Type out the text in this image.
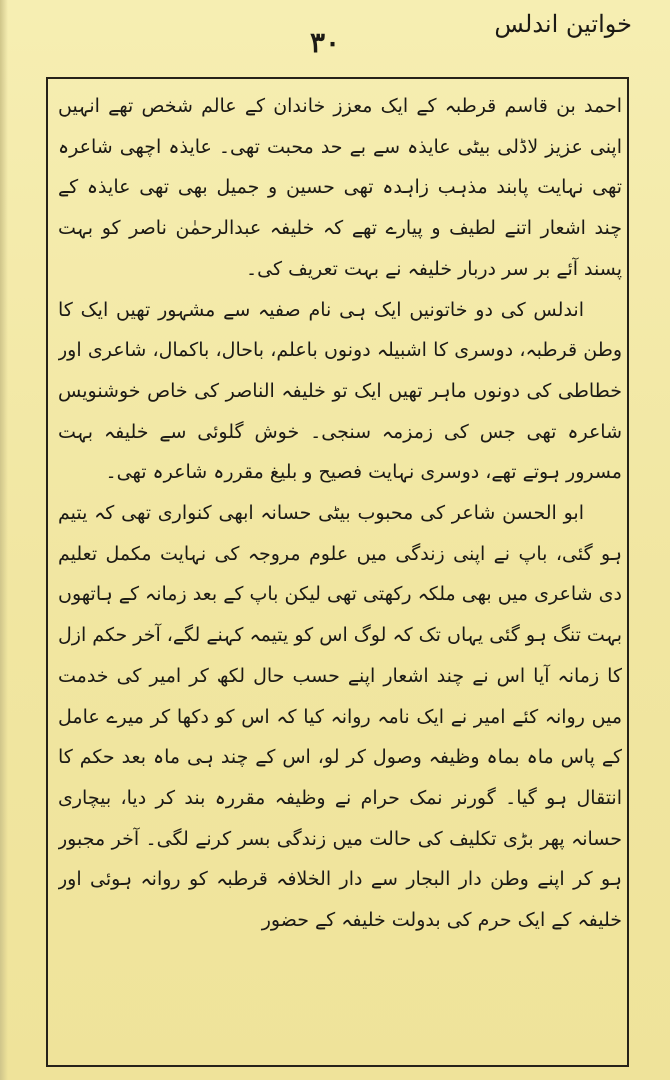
خواتین اندلس
٣٠

احمد بن قاسم قرطبہ کے ایک معزز خاندان کے عالم شخص تھے انہیں اپنی عزیز لاڈلی بیٹی عایذہ سے بے حد محبت تھی۔ عایذہ اچھی شاعرہ تھی نہایت پابند مذہب زاہدہ تھی حسین و جمیل بھی تھی عایذہ کے چند اشعار اتنے لطیف و پیارے تھے کہ خلیفہ عبدالرحمٰن ناصر کو بہت پسند آئے بر سر دربار خلیفہ نے بہت تعریف کی۔

اندلس کی دو خاتونیں ایک ہی نام صفیہ سے مشہور تھیں ایک کا وطن قرطبہ، دوسری کا اشبیلہ دونوں باعلم، باحال، باکمال، شاعری اور خطاطی کی دونوں ماہر تھیں ایک تو خلیفہ الناصر کی خاص خوشنویس شاعرہ تھی جس کی زمزمہ سنجی۔ خوش گلوئی سے خلیفہ بہت مسرور ہوتے تھے، دوسری نہایت فصیح و بلیغ مقررہ شاعرہ تھی۔

ابو الحسن شاعر کی محبوب بیٹی حسانہ ابھی کنواری تھی کہ یتیم ہو گئی، باپ نے اپنی زندگی میں علوم مروجہ کی نہایت مکمل تعلیم دی شاعری میں بھی ملکہ رکھتی تھی لیکن باپ کے بعد زمانہ کے ہاتھوں بہت تنگ ہو گئی یہاں تک کہ لوگ اس کو یتیمہ کہنے لگے، آخر حکم ازل کا زمانہ آیا اس نے چند اشعار اپنے حسب حال لکھ کر امیر کی خدمت میں روانہ کئے امیر نے ایک نامہ روانہ کیا کہ اس کو دکھا کر میرے عامل کے پاس ماہ بماہ وظیفہ وصول کر لو، اس کے چند ہی ماہ بعد حکم کا انتقال ہو گیا۔ گورنر نمک حرام نے وظیفہ مقررہ بند کر دیا، بیچاری حسانہ پھر بڑی تکلیف کی حالت میں زندگی بسر کرنے لگی۔ آخر مجبور ہو کر اپنے وطن دار البجار سے دار الخلافہ قرطبہ کو روانہ ہوئی اور خلیفہ کے ایک حرم کی بدولت خلیفہ کے حضور
